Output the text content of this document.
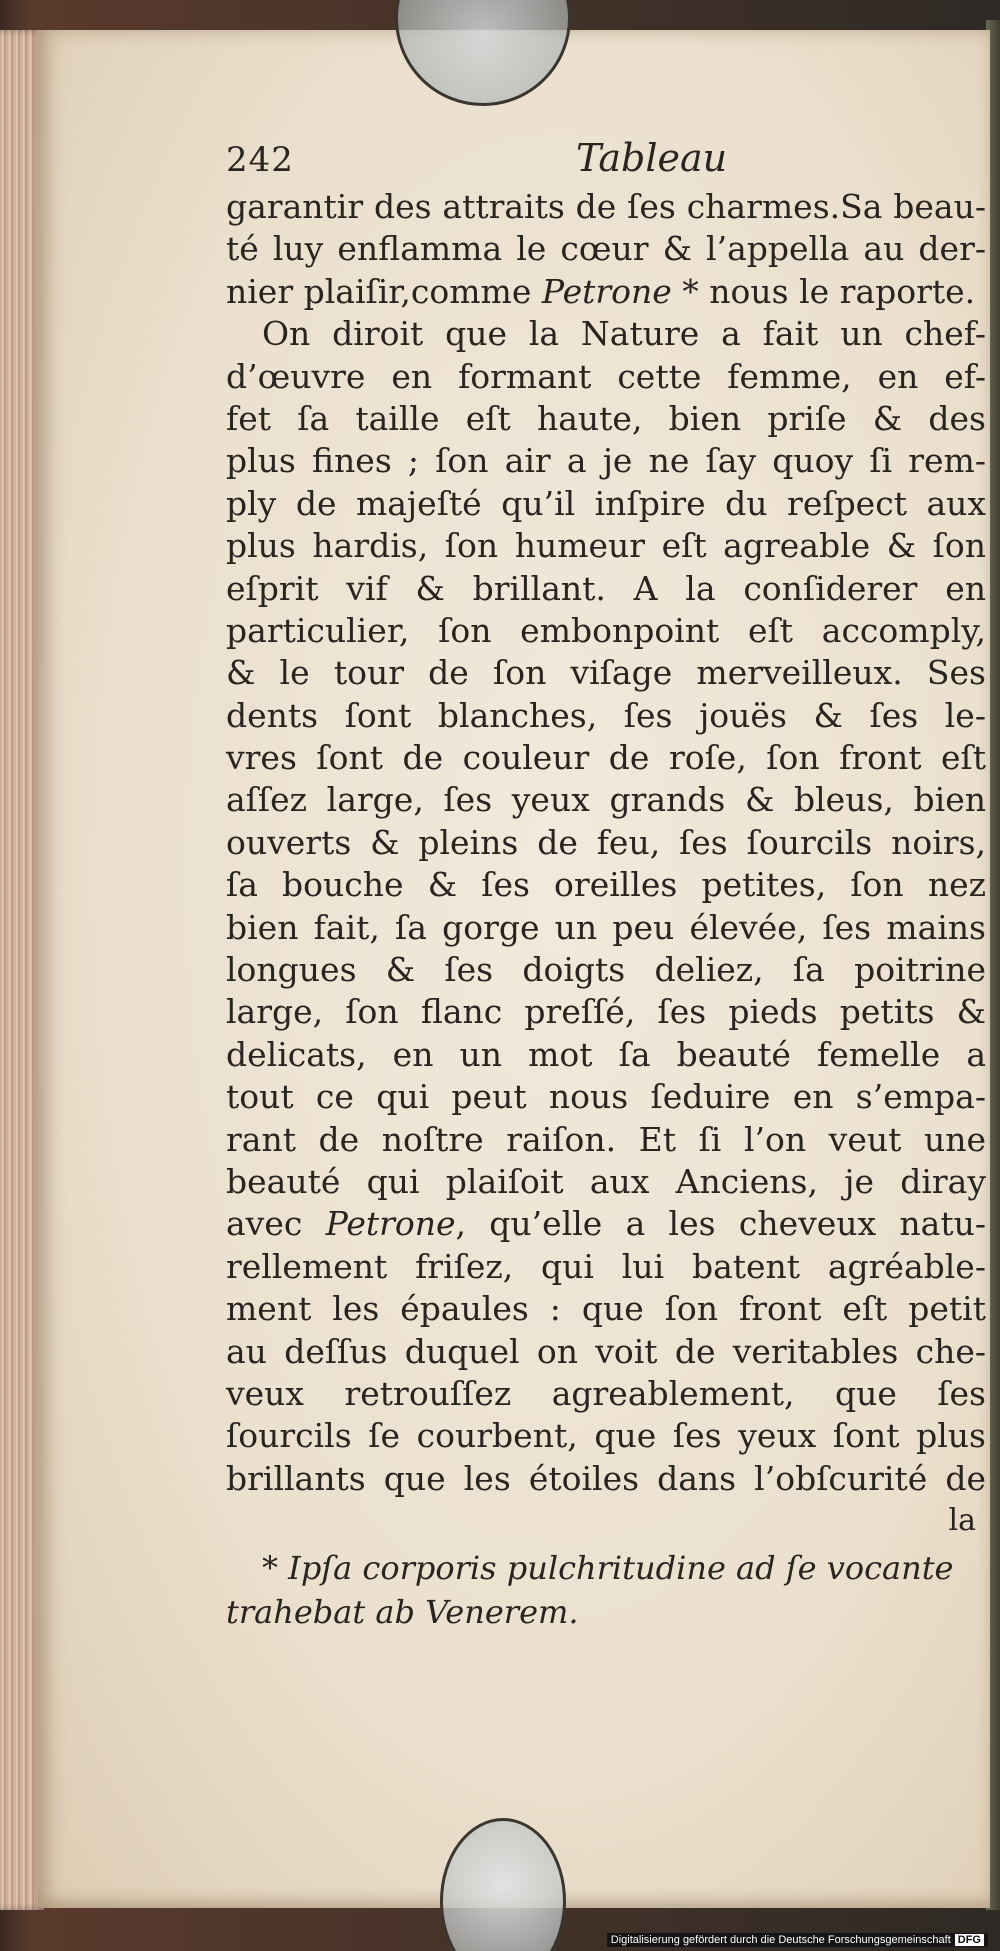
242	Tableau
garantir des attraits de ſes charmes.Sa beau-
té luy enflamma le cœur & l’appella au der-
nier plaiſir,comme Petrone * nous le raporte.
On diroit que la Nature a fait un chef-
d’œuvre en formant cette femme, en ef-
fet ſa taille eſt haute, bien priſe & des
plus fines ; ſon air a je ne ſay quoy ſi rem-
ply de majeſté qu’il inſpire du reſpect aux
plus hardis, ſon humeur eſt agreable & ſon
eſprit vif & brillant. A la conſiderer en
particulier, ſon embonpoint eſt accomply,
& le tour de ſon viſage merveilleux. Ses
dents ſont blanches, ſes jouës & ſes le-
vres ſont de couleur de roſe, ſon front eſt
aſſez large, ſes yeux grands & bleus, bien
ouverts & pleins de feu, ſes ſourcils noirs,
ſa bouche & ſes oreilles petites, ſon nez
bien fait, ſa gorge un peu élevée, ſes mains
longues & ſes doigts deliez, ſa poitrine
large, ſon flanc preſſé, ſes pieds petits &
delicats, en un mot ſa beauté femelle a
tout ce qui peut nous ſeduire en s’empa-
rant de noſtre raiſon. Et ſi l’on veut une
beauté qui plaiſoit aux Anciens, je diray
avec Petrone, qu’elle a les cheveux natu-
rellement friſez, qui lui batent agréable-
ment les épaules : que ſon front eſt petit
au deſſus duquel on voit de veritables che-
veux retrouſſez agreablement, que ſes
ſourcils ſe courbent, que ſes yeux ſont plus
brillants que les étoiles dans l’obſcurité de
la
* Ipſa corporis pulchritudine ad ſe vocante
trahebat ab Venerem.
Digitalisierung gefördert durch die Deutsche Forschungsgemeinschaft DFG
